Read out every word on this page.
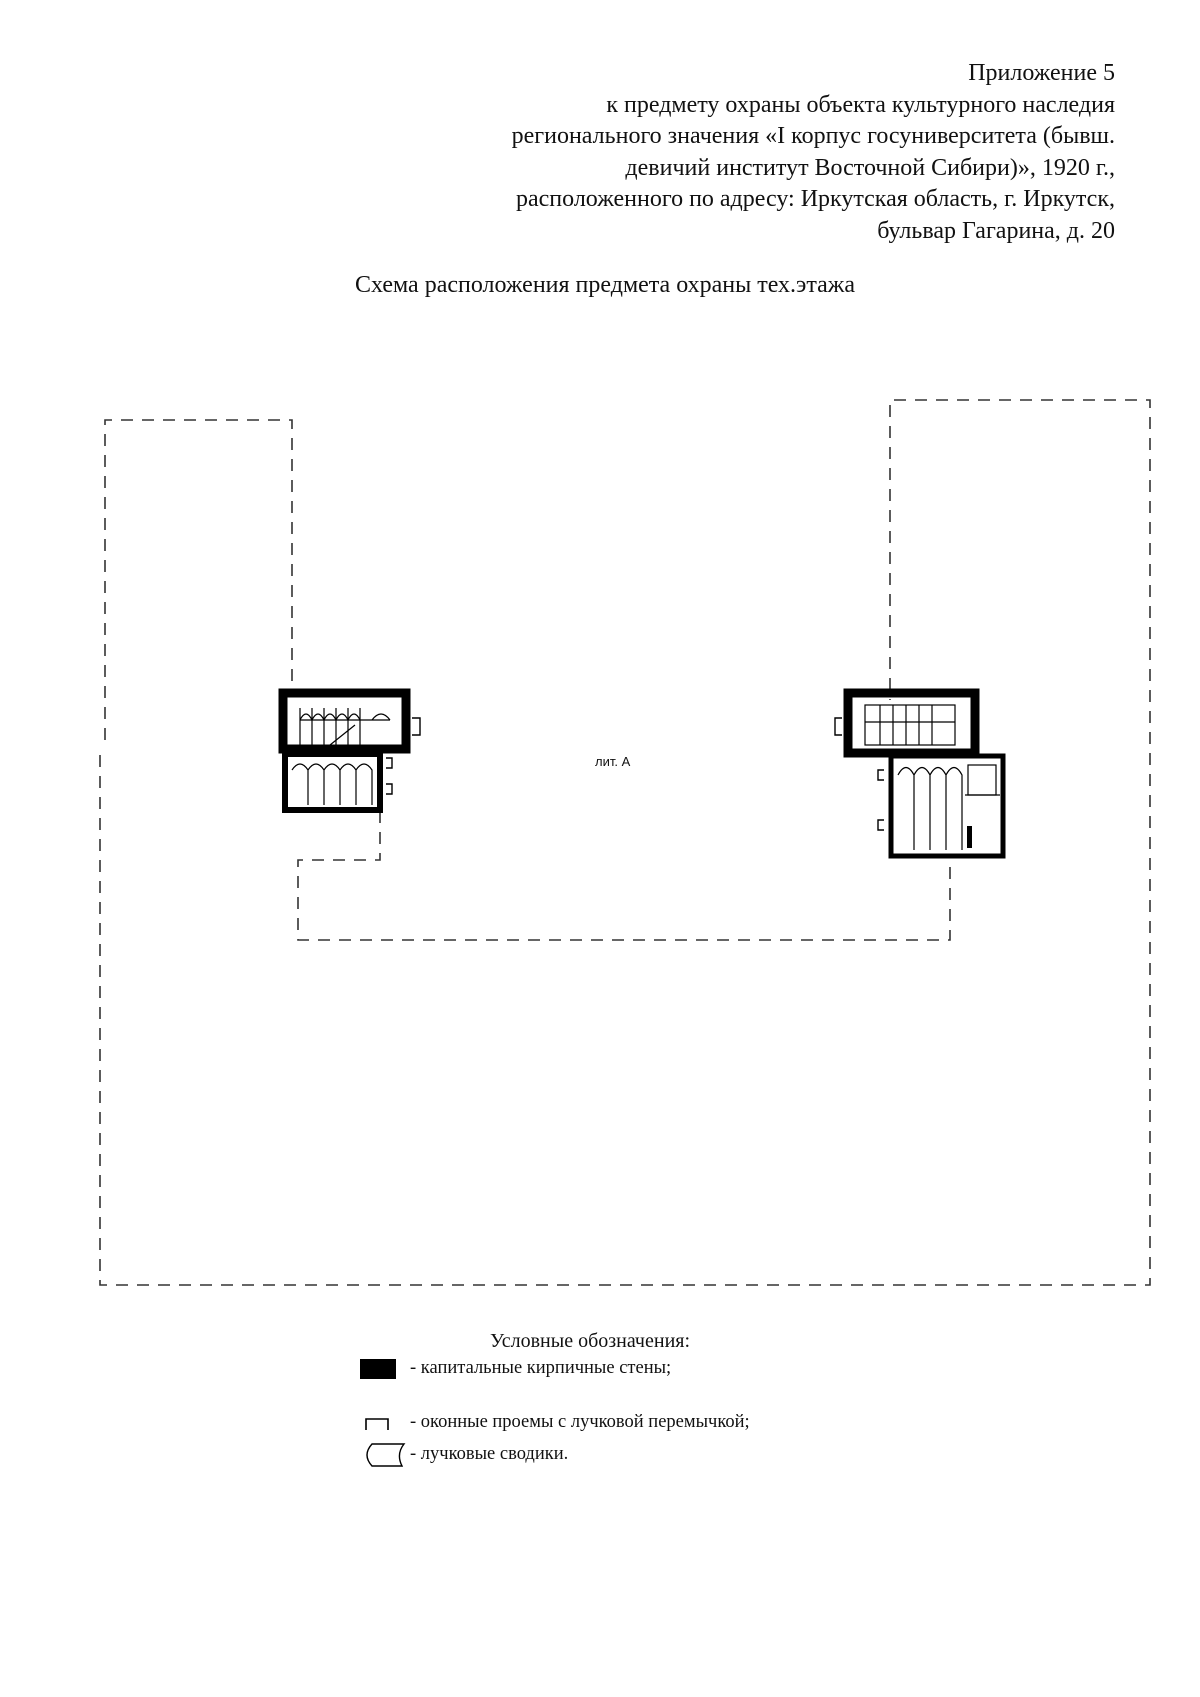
Приложение 5
к предмету охраны объекта культурного наследия
регионального значения «I корпус госуниверситета (бывш.
девичий институт Восточной Сибири)», 1920 г.,
расположенного по адресу: Иркутская область, г. Иркутск,
бульвар Гагарина, д. 20
Схема расположения предмета охраны тех.этажа
лит. А
Условные обозначения:
- капитальные кирпичные стены;
- оконные проемы с лучковой перемычкой;
- лучковые сводики.
